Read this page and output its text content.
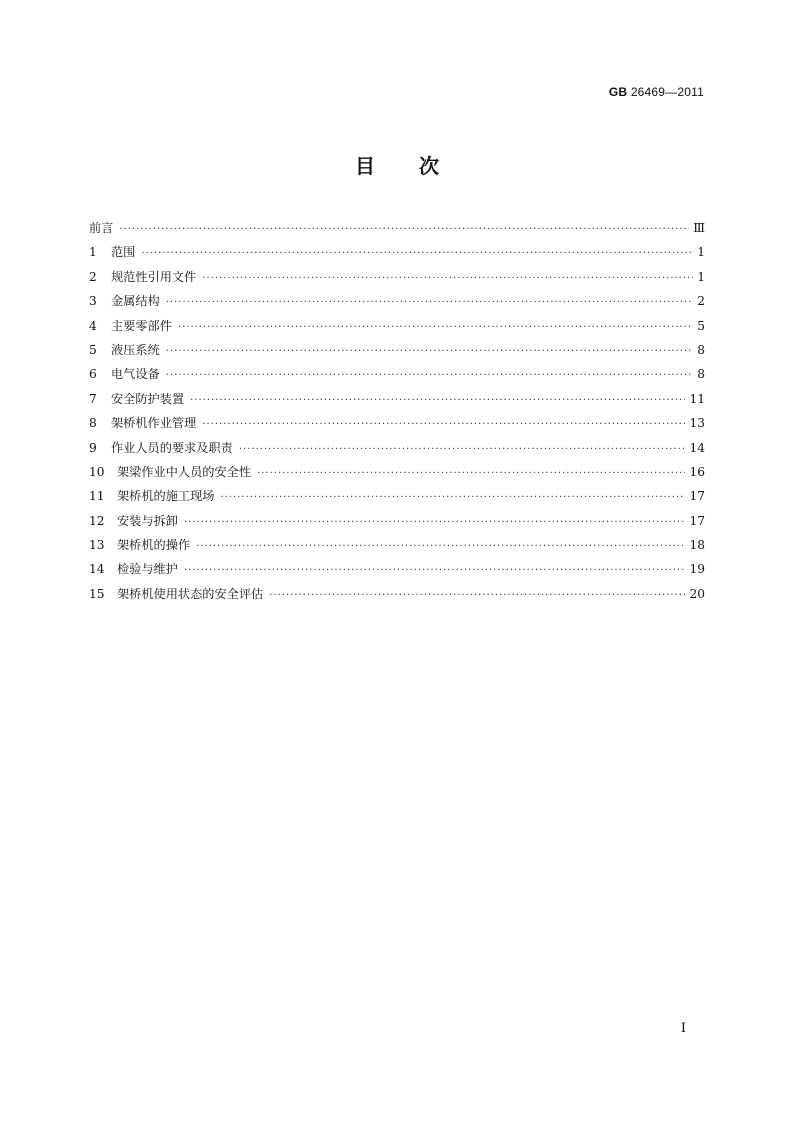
GB 26469—2011
目 次
前言 ·····	Ⅲ
1	范围 ·····	1
2	规范性引用文件 ·····	1
3	金属结构 ·····	2
4	主要零部件 ·····	5
5	液压系统 ·····	8
6	电气设备 ·····	8
7	安全防护装置 ·····	11
8	架桥机作业管理 ·····	13
9	作业人员的要求及职责 ·····	14
10	架梁作业中人员的安全性 ·····	16
11	架桥机的施工现场 ·····	17
12	安装与拆卸 ·····	17
13	架桥机的操作 ·····	18
14	检验与维护 ·····	19
15	架桥机使用状态的安全评估 ·····	20
I
